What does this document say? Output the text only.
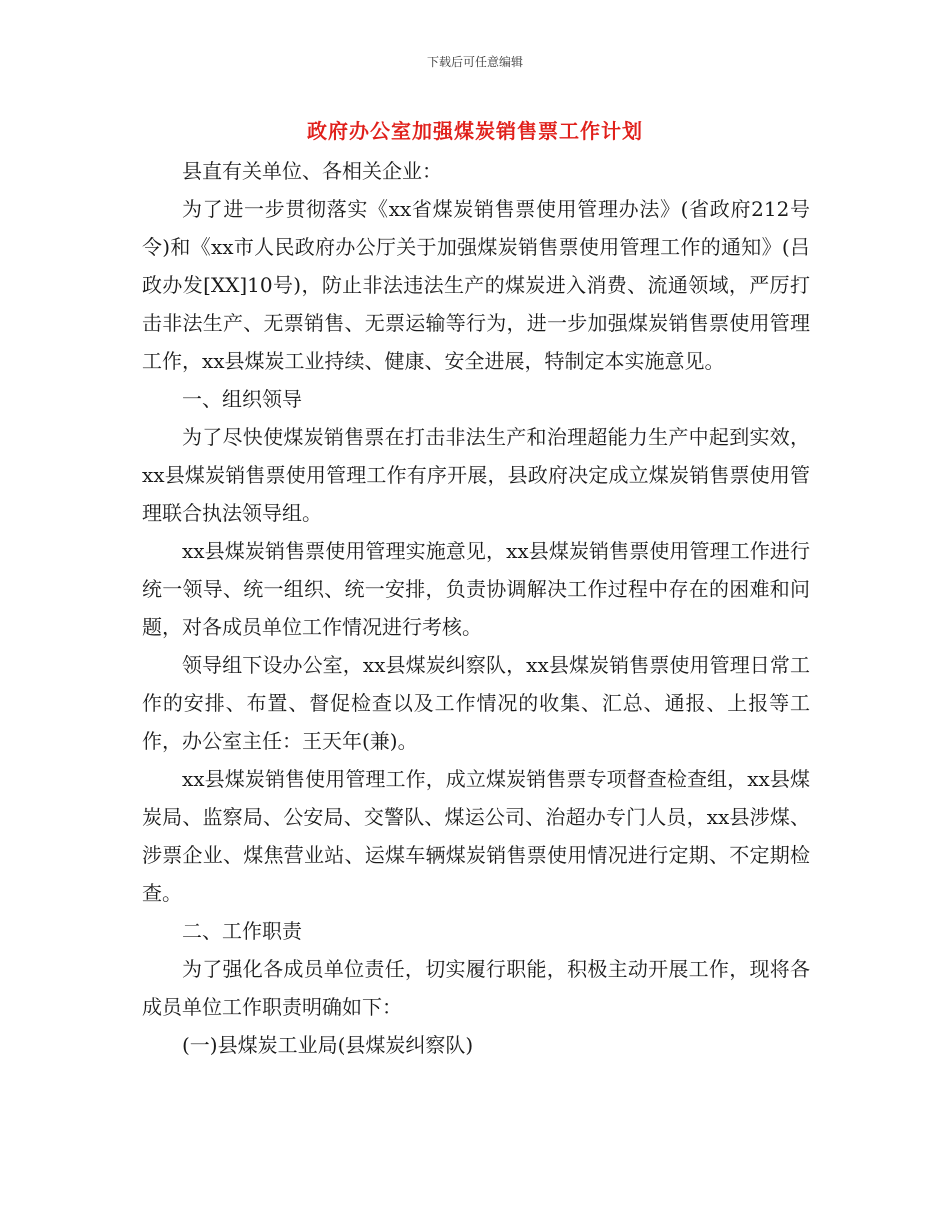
下载后可任意编辑
政府办公室加强煤炭销售票工作计划

县直有关单位、各相关企业：

为了进一步贯彻落实《xx省煤炭销售票使用管理办法》(省政府212号令)和《xx市人民政府办公厅关于加强煤炭销售票使用管理工作的通知》(吕政办发[XX]10号)，防止非法违法生产的煤炭进入消费、流通领域，严厉打击非法生产、无票销售、无票运输等行为，进一步加强煤炭销售票使用管理工作，xx县煤炭工业持续、健康、安全进展，特制定本实施意见。

一、组织领导

为了尽快使煤炭销售票在打击非法生产和治理超能力生产中起到实效，xx县煤炭销售票使用管理工作有序开展，县政府决定成立煤炭销售票使用管理联合执法领导组。

xx县煤炭销售票使用管理实施意见，xx县煤炭销售票使用管理工作进行统一领导、统一组织、统一安排，负责协调解决工作过程中存在的困难和问题，对各成员单位工作情况进行考核。

领导组下设办公室，xx县煤炭纠察队，xx县煤炭销售票使用管理日常工作的安排、布置、督促检查以及工作情况的收集、汇总、通报、上报等工作，办公室主任：王天年(兼)。

xx县煤炭销售使用管理工作，成立煤炭销售票专项督查检查组，xx县煤炭局、监察局、公安局、交警队、煤运公司、治超办专门人员，xx县涉煤、涉票企业、煤焦营业站、运煤车辆煤炭销售票使用情况进行定期、不定期检查。

二、工作职责

为了强化各成员单位责任，切实履行职能，积极主动开展工作，现将各成员单位工作职责明确如下：

(一)县煤炭工业局(县煤炭纠察队)
